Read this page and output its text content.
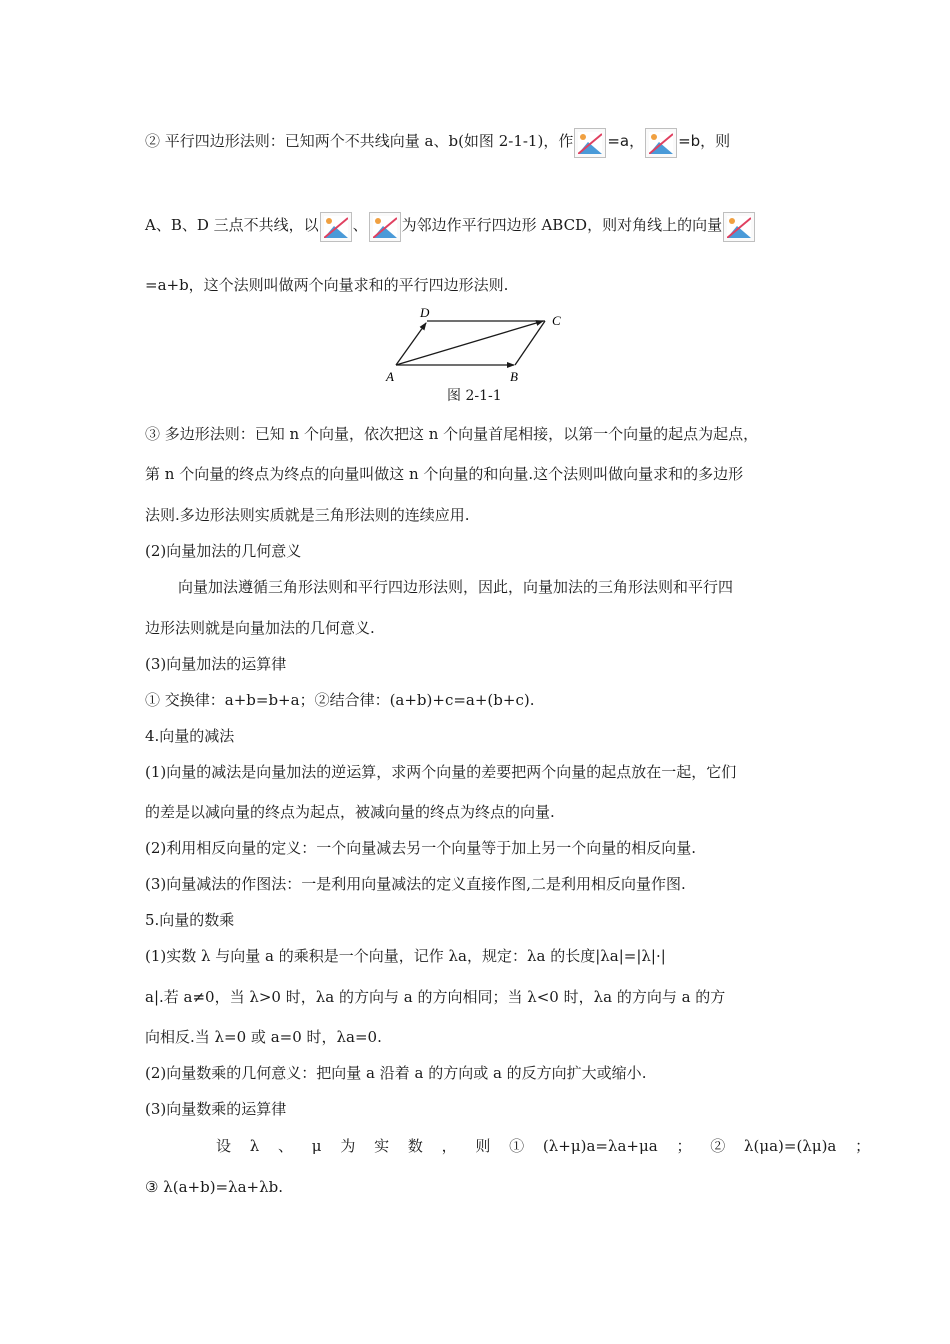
② 平行四边形法则：已知两个不共线向量 a、b(如图 2-1-1)，作 =a， =b，则
A、B、D 三点不共线，以 、 为邻边作平行四边形 ABCD，则对角线上的向量
=a+b，这个法则叫做两个向量求和的平行四边形法则.
A	B
C
D
图 2-1-1
③ 多边形法则：已知 n 个向量，依次把这 n 个向量首尾相接，以第一个向量的起点为起点，
第 n 个向量的终点为终点的向量叫做这 n 个向量的和向量.这个法则叫做向量求和的多边形
法则.多边形法则实质就是三角形法则的连续应用.
(2)向量加法的几何意义
向量加法遵循三角形法则和平行四边形法则，因此，向量加法的三角形法则和平行四
边形法则就是向量加法的几何意义.
(3)向量加法的运算律
① 交换律：a+b=b+a；②结合律：(a+b)+c=a+(b+c).
4.向量的减法
(1)向量的减法是向量加法的逆运算，求两个向量的差要把两个向量的起点放在一起，它们
的差是以减向量的终点为起点，被减向量的终点为终点的向量.
(2)利用相反向量的定义：一个向量减去另一个向量等于加上另一个向量的相反向量.
(3)向量减法的作图法：一是利用向量减法的定义直接作图,二是利用相反向量作图.
5.向量的数乘
(1)实数 λ 与向量 a 的乘积是一个向量，记作 λa，规定：λa 的长度|λa|=|λ|·|
a|.若 a≠0，当 λ>0 时，λa 的方向与 a 的方向相同；当 λ<0 时，λa 的方向与 a 的方
向相反.当 λ=0 或 a=0 时，λa=0.
(2)向量数乘的几何意义：把向量 a 沿着 a 的方向或 a 的反方向扩大或缩小.
(3)向量数乘的运算律
设 λ 、 μ 为 实 数 ， 则 ① (λ+μ)a=λa+μa ； ② λ(μa)=(λμ)a ；
③ λ(a+b)=λa+λb.
